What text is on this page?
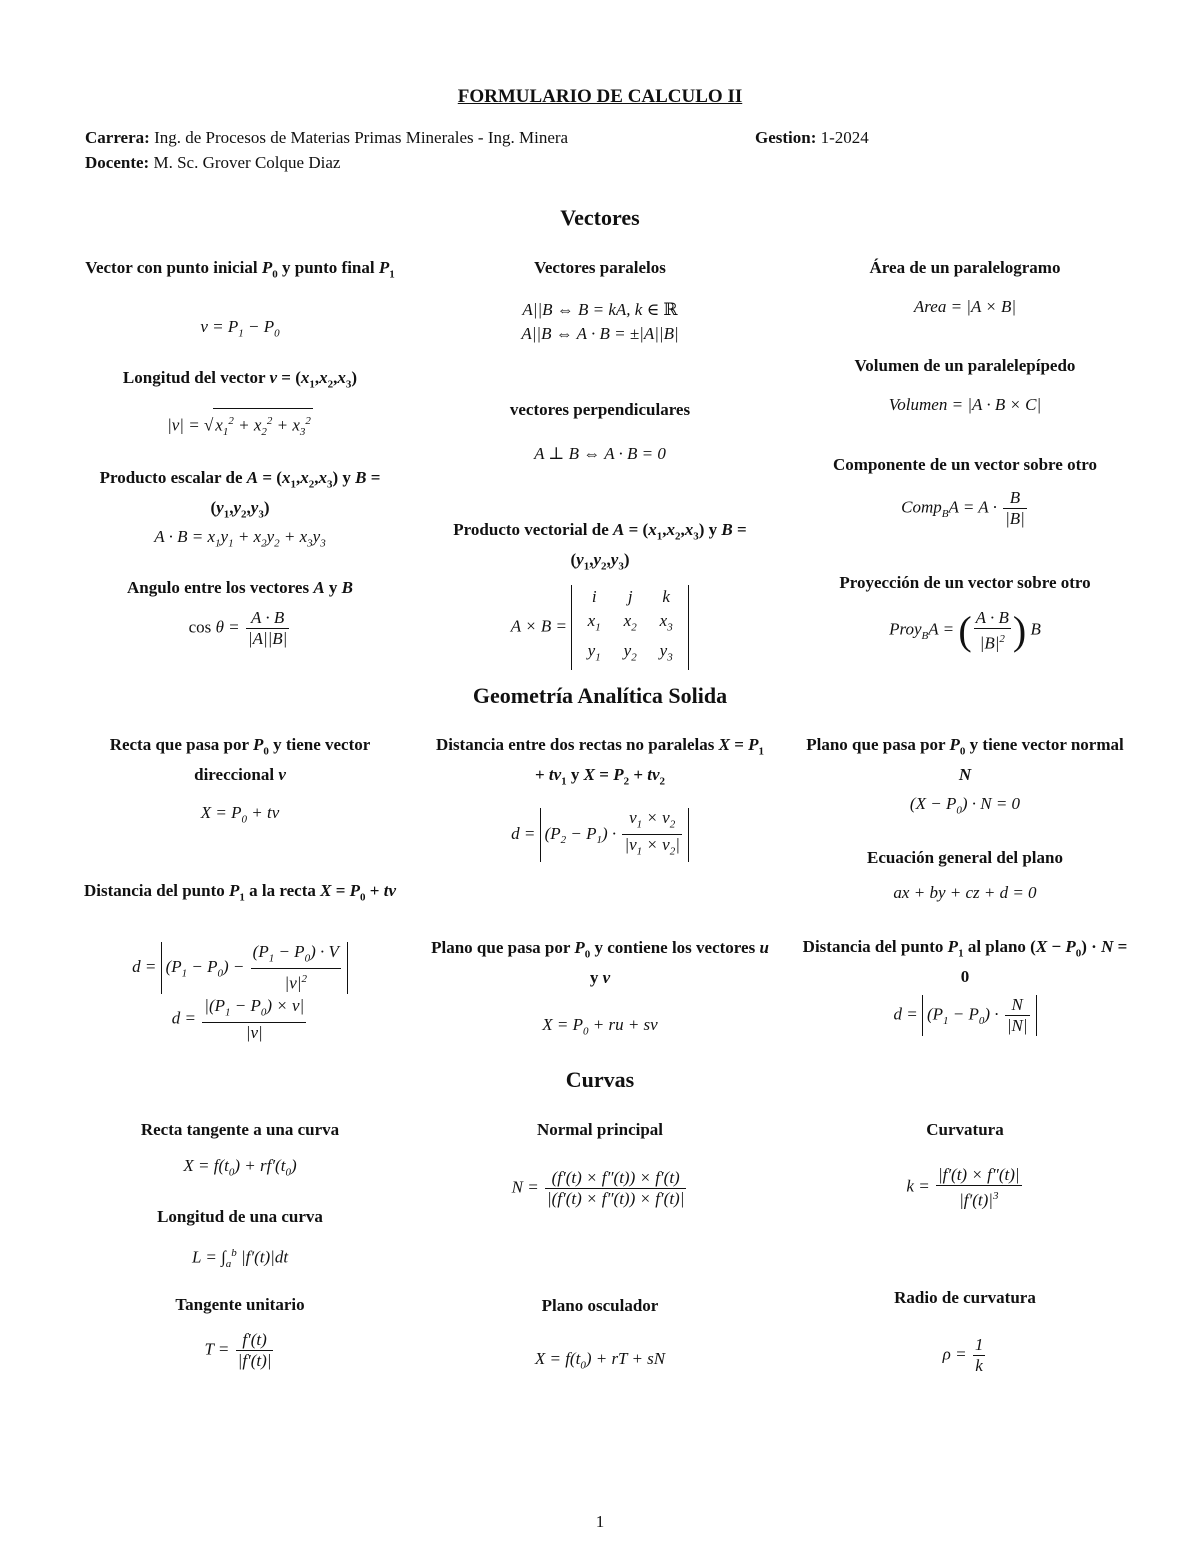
FORMULARIO DE CALCULO II
Carrera: Ing. de Procesos de Materias Primas Minerales - Ing. Minera	Gestion: 1-2024
Docente: M. Sc. Grover Colque Diaz
Vectores
Vector con punto inicial $P_0$ y punto final $P_1$
$v = P_1 - P_0$
Longitud del vector $v = (x_1,x_2,x_3)$
|v| = √ $x_1^2 + x_2^2 + x_3^2$
Producto escalar de $A = (x_1,x_2,x_3)$ y $B = (y_1,y_2,y_3)$
$A \cdot B = x_1y_1 + x_2y_2 + x_3y_3$
Angulo entre los vectores A y B
$\cos \theta = \frac{A \cdot B}{|A||B|}$
Vectores paralelos
A||B ⇔ B = kA, k ∈ ℝ
A||B ⇔ A · B = ±|A||B|
vectores perpendiculares
A ⊥ B ⇔ A · B = 0
Producto vectorial de $A = (x_1,x_2,x_3)$ y $B = (y_1,y_2,y_3)$
A × B =
i	j	k
$x_1$	$x_2$	$x_3$
$y_1$	$y_2$	$y_3$
Área de un paralelogramo
Area = |A × B|
Volumen de un paralelepípedo
Volumen = |A · B × C|
Componente de un vector sobre otro
Comp$_B$A = $A \cdot \frac{B}{|B|}$
Proyección de un vector sobre otro
Proy$_B$A = ( $\frac{A \cdot B}{|B|^2}$ ) B
Geometría Analítica Solida
Recta que pasa por $P_0$ y tiene vector direccional v
$X = P_0$ + tv
Distancia del punto $P_1$ a la recta $X = P_0$ + tv
$d = (P_1 - P_0) - \frac{(P_1 - P_0) \cdot V}{|v|^2}$
$d = \frac{|(P_1 - P_0) \times v|}{|v|}$
Distancia entre dos rectas no paralelas $X = P_1 + tv_1$ y $X = P_2 + tv_2$
$d = (P_2 - P_1) \cdot \frac{v_1 \times v_2}{|v_1 \times v_2|}$
Plano que pasa por $P_0$ y contiene los vectores u y v
$X = P_0$ + ru + sv
Plano que pasa por $P_0$ y tiene vector normal N
$(X - P_0) \cdot N = 0$
Ecuación general del plano
ax + by + cz + d = 0
Distancia del punto $P_1$ al plano $(X - P_0) \cdot N = 0$
$d = (P_1 - P_0) \cdot \frac{N}{|N|}$
Curvas
Recta tangente a una curva
$X = f(t_0) + rf'(t_0)$
Longitud de una curva
$L = \int_a^b$ |f′(t)|dt
Tangente unitario
$T = \frac{f'(t)}{|f'(t)|}$
Normal principal
$N = \frac{(f'(t) \times f''(t)) \times f'(t)}{|(f'(t) \times f''(t)) \times f'(t)|}$
Plano osculador
$X = f(t_0)$ + rT + sN
Curvatura
$k = \frac{|f'(t) \times f''(t)|}{|f'(t)|^3}$
Radio de curvatura
$\rho = \frac{1}{k}$
1
